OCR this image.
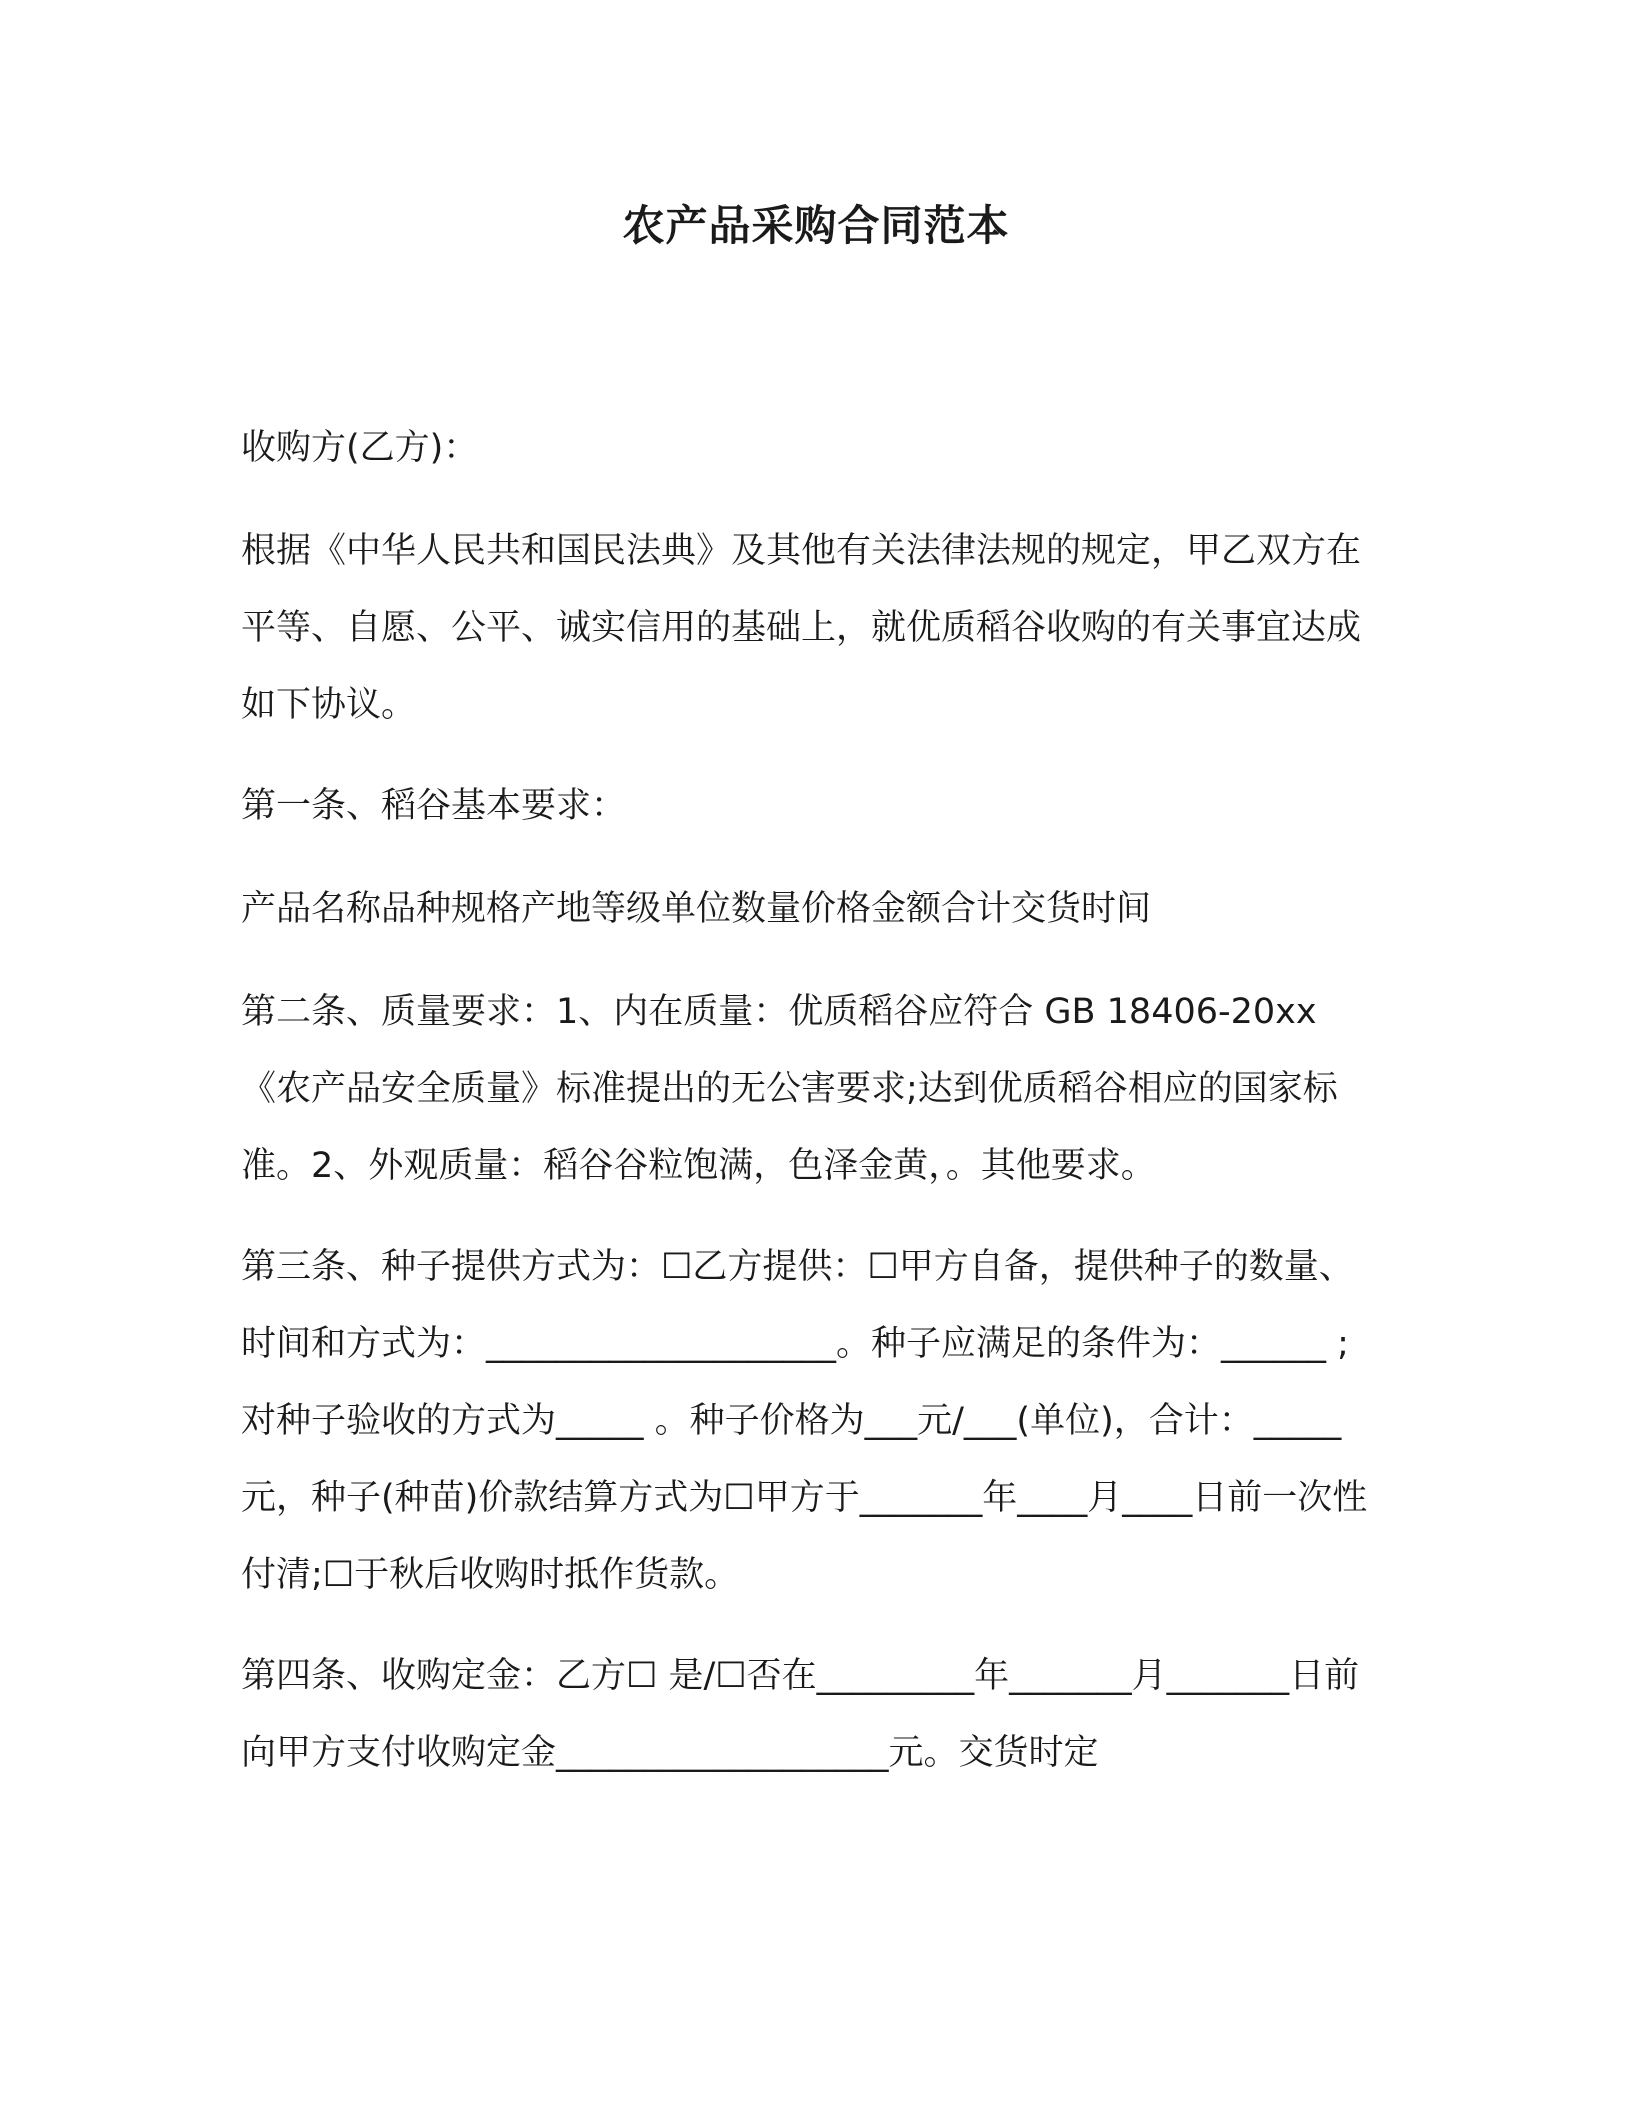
农产品采购合同范本

收购方(乙方)：

根据《中华人民共和国民法典》及其他有关法律法规的规定，甲乙双方在平等、自愿、公平、诚实信用的基础上，就优质稻谷收购的有关事宜达成如下协议。

第一条、稻谷基本要求：

产品名称品种规格产地等级单位数量价格金额合计交货时间

第二条、质量要求：1、内在质量：优质稻谷应符合 GB 18406-20xx《农产品安全质量》标准提出的无公害要求;达到优质稻谷相应的国家标准。2、外观质量：稻谷谷粒饱满，色泽金黄，。其他要求。

第三条、种子提供方式为：☐乙方提供：☐甲方自备，提供种子的数量、时间和方式为：____________________。种子应满足的条件为：______ ;对种子验收的方式为_____ 。种子价格为___元/___(单位)，合计：_____ 元，种子(种苗)价款结算方式为☐甲方于_______年____月____日前一次性付清;☐于秋后收购时抵作货款。

第四条、收购定金：乙方☐ 是/☐否在_________年_______月_______日前向甲方支付收购定金___________________元。交货时定
